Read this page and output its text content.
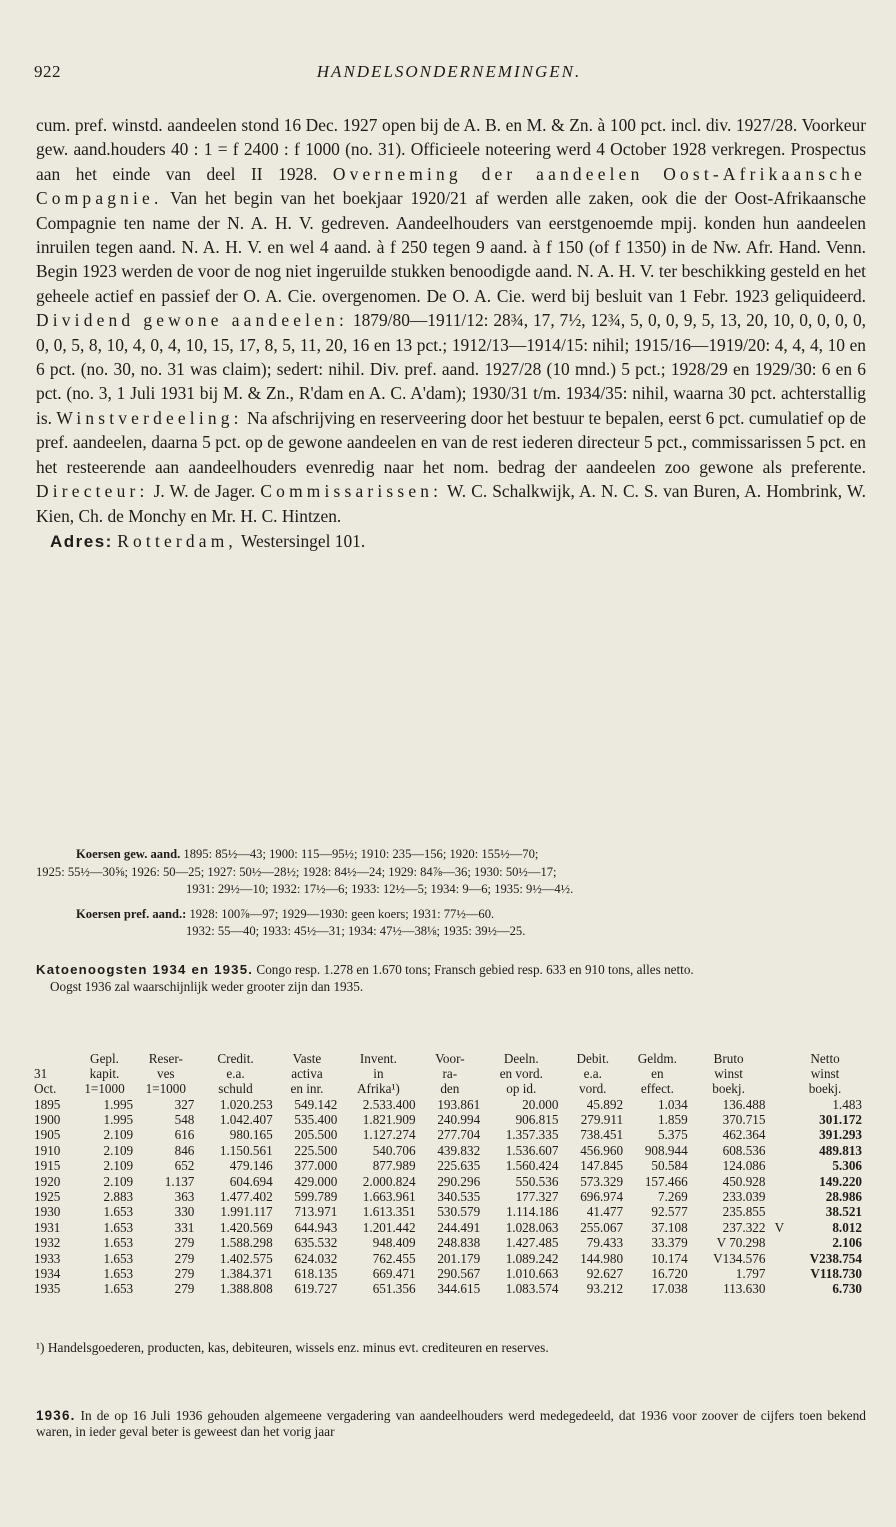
922	HANDELSONDERNEMINGEN.

cum. pref. winstd. aandeelen stond 16 Dec. 1927 open bij de A. B. en M. & Zn. à 100 pct. incl. div. 1927/28. Voorkeur gew. aand.houders 40 : 1 = f 2400 : f 1000 (no. 31). Officieele noteering werd 4 October 1928 verkregen. Prospectus aan het einde van deel II 1928. Overneming der aandeelen Oost-Afrikaansche Compagnie. Van het begin van het boekjaar 1920/21 af werden alle zaken, ook die der Oost-Afrikaansche Compagnie ten name der N. A. H. V. gedreven. Aandeelhouders van eerstgenoemde mpij. konden hun aandeelen inruilen tegen aand. N. A. H. V. en wel 4 aand. à f 250 tegen 9 aand. à f 150 (of f 1350) in de Nw. Afr. Hand. Venn. Begin 1923 werden de voor de nog niet ingeruilde stukken benoodigde aand. N. A. H. V. ter beschikking gesteld en het geheele actief en passief der O. A. Cie. overgenomen. De O. A. Cie. werd bij besluit van 1 Febr. 1923 geliquideerd. Dividend gewone aandeelen: 1879/80—1911/12: 28¾, 17, 7½, 12¾, 5, 0, 0, 9, 5, 13, 20, 10, 0, 0, 0, 0, 0, 0, 5, 8, 10, 4, 0, 4, 10, 15, 17, 8, 5, 11, 20, 16 en 13 pct.; 1912/13—1914/15: nihil; 1915/16—1919/20: 4, 4, 4, 10 en 6 pct. (no. 30, no. 31 was claim); sedert: nihil. Div. pref. aand. 1927/28 (10 mnd.) 5 pct.; 1928/29 en 1929/30: 6 en 6 pct. (no. 3, 1 Juli 1931 bij M. & Zn., R'dam en A. C. A'dam); 1930/31 t/m. 1934/35: nihil, waarna 30 pct. achterstallig is. Winstverdeeling: Na afschrijving en reserveering door het bestuur te bepalen, eerst 6 pct. cumulatief op de pref. aandeelen, daarna 5 pct. op de gewone aandeelen en van de rest iederen directeur 5 pct., commissarissen 5 pct. en het resteerende aan aandeelhouders evenredig naar het nom. bedrag der aandeelen zoo gewone als preferente. Directeur: J. W. de Jager. Commissarissen: W. C. Schalkwijk, A. N. C. S. van Buren, A. Hombrink, W. Kien, Ch. de Monchy en Mr. H. C. Hintzen.

Adres: Rotterdam, Westersingel 101.

Koersen gew. aand. 1895: 85½—43; 1900: 115—95½; 1910: 235—156; 1920: 155½—70;

1925: 55½—30⅝; 1926: 50—25; 1927: 50½—28½; 1928: 84½—24; 1929: 84⅞—36; 1930: 50½—17;

1931: 29½—10; 1932: 17½—6; 1933: 12½—5; 1934: 9—6; 1935: 9½—4½.

Koersen pref. aand.: 1928: 100⅞—97; 1929—1930: geen koers; 1931: 77½—60.

1932: 55—40; 1933: 45½—31; 1934: 47½—38⅛; 1935: 39½—25.

Katoenoogsten 1934 en 1935. Congo resp. 1.278 en 1.670 tons; Fransch gebied resp. 633 en 910 tons, alles netto.

Oogst 1936 zal waarschijnlijk weder grooter zijn dan 1935.

	Gepl.	Reser-	Credit.	Vaste	Invent.	Voor-	Deeln.	Debit.	Geldm.	Bruto		Netto
31	kapit.	ves	e.a.	activa	in	ra-	en vord.	e.a.	en	winst		winst
Oct.	1=1000	1=1000	schuld	en inr.	Afrika¹)	den	op id.	vord.	effect.	boekj.		boekj.
1895	1.995	327	1.020.253	549.142	2.533.400	193.861	20.000	45.892	1.034	136.488		1.483
1900	1.995	548	1.042.407	535.400	1.821.909	240.994	906.815	279.911	1.859	370.715		301.172
1905	2.109	616	980.165	205.500	1.127.274	277.704	1.357.335	738.451	5.375	462.364		391.293
1910	2.109	846	1.150.561	225.500	540.706	439.832	1.536.607	456.960	908.944	608.536		489.813
1915	2.109	652	479.146	377.000	877.989	225.635	1.560.424	147.845	50.584	124.086		5.306
1920	2.109	1.137	604.694	429.000	2.000.824	290.296	550.536	573.329	157.466	450.928		149.220
1925	2.883	363	1.477.402	599.789	1.663.961	340.535	177.327	696.974	7.269	233.039		28.986
1930	1.653	330	1.991.117	713.971	1.613.351	530.579	1.114.186	41.477	92.577	235.855		38.521
1931	1.653	331	1.420.569	644.943	1.201.442	244.491	1.028.063	255.067	37.108	237.322	V	8.012
1932	1.653	279	1.588.298	635.532	948.409	248.838	1.427.485	79.433	33.379	V 70.298		2.106
1933	1.653	279	1.402.575	624.032	762.455	201.179	1.089.242	144.980	10.174	V134.576		V238.754
1934	1.653	279	1.384.371	618.135	669.471	290.567	1.010.663	92.627	16.720	1.797		V118.730
1935	1.653	279	1.388.808	619.727	651.356	344.615	1.083.574	93.212	17.038	113.630		6.730

¹) Handelsgoederen, producten, kas, debiteuren, wissels enz. minus evt. crediteuren en reserves.

1936. In de op 16 Juli 1936 gehouden algemeene vergadering van aandeelhouders werd medegedeeld, dat 1936 voor zoover de cijfers toen bekend waren, in ieder geval beter is geweest dan het vorig jaar
